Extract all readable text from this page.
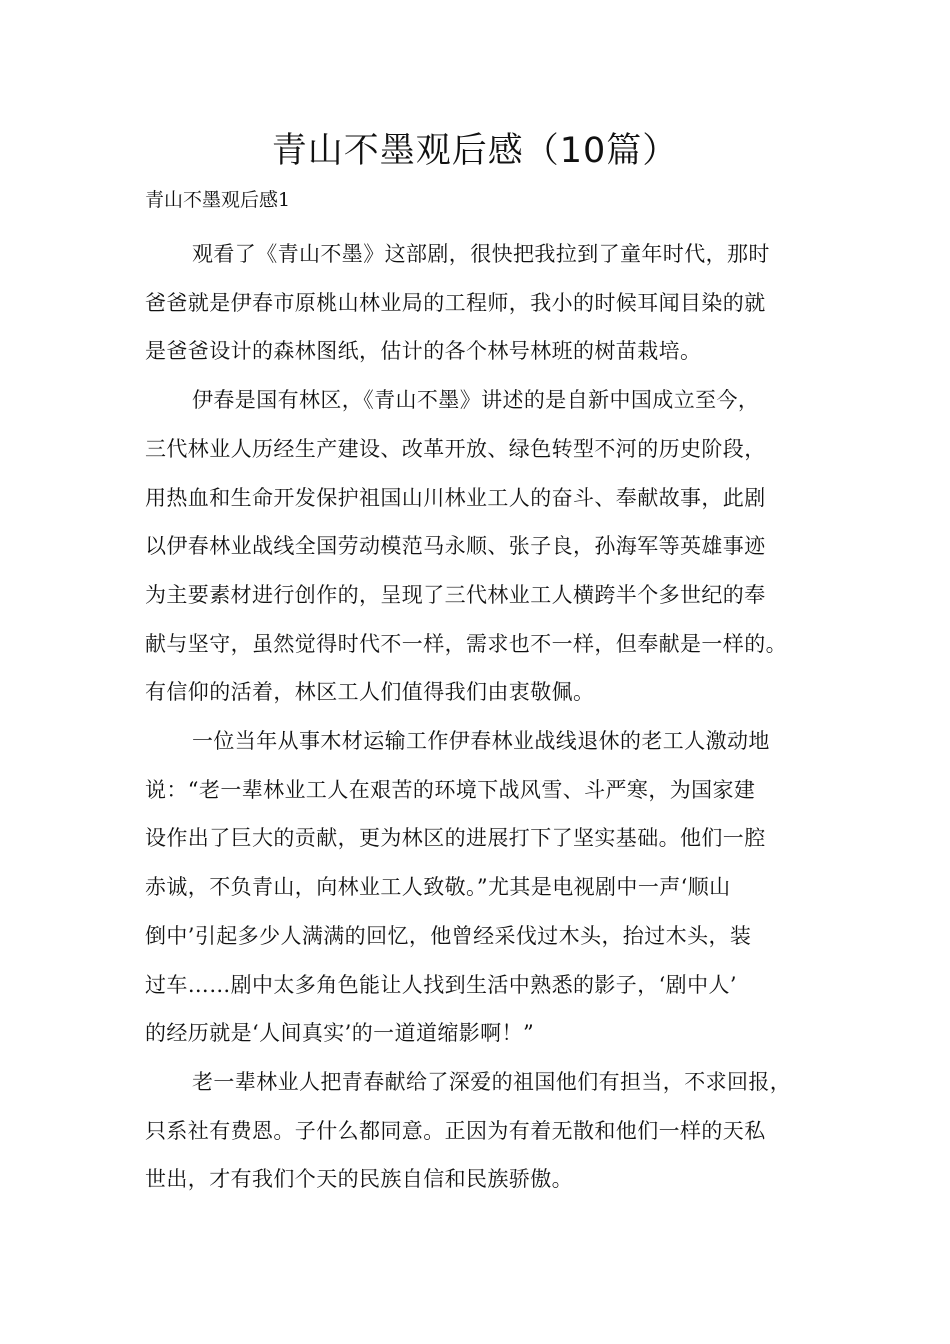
青山不墨观后感（10篇）

青山不墨观后感1

观看了《青山不墨》这部剧，很快把我拉到了童年时代，那时
爸爸就是伊春市原桃山林业局的工程师，我小的时候耳闻目染的就
是爸爸设计的森林图纸，估计的各个林号林班的树苗栽培。

伊春是国有林区，《青山不墨》讲述的是自新中国成立至今，
三代林业人历经生产建设、改革开放、绿色转型不河的历史阶段，
用热血和生命开发保护祖国山川林业工人的奋斗、奉献故事，此剧
以伊春林业战线全国劳动模范马永顺、张子良，孙海军等英雄事迹
为主要素材进行创作的，呈现了三代林业工人横跨半个多世纪的奉
献与坚守，虽然觉得时代不一样，需求也不一样，但奉献是一样的。
有信仰的活着，林区工人们值得我们由衷敬佩。

一位当年从事木材运输工作伊春林业战线退休的老工人激动地
说：“老一辈林业工人在艰苦的环境下战风雪、斗严寒，为国家建
设作出了巨大的贡献，更为林区的进展打下了坚实基础。他们一腔
赤诚，不负青山，向林业工人致敬。”尤其是电视剧中一声‘顺山
倒中’引起多少人满满的回忆，他曾经采伐过木头，抬过木头，装
过车……剧中太多角色能让人找到生活中熟悉的影子，‘剧中人’
的经历就是‘人间真实’的一道道缩影啊！”

老一辈林业人把青春献给了深爱的祖国他们有担当，不求回报，
只系社有费恩。子什么都同意。正因为有着无散和他们一样的天私
世出，才有我们个天的民族自信和民族骄傲。
